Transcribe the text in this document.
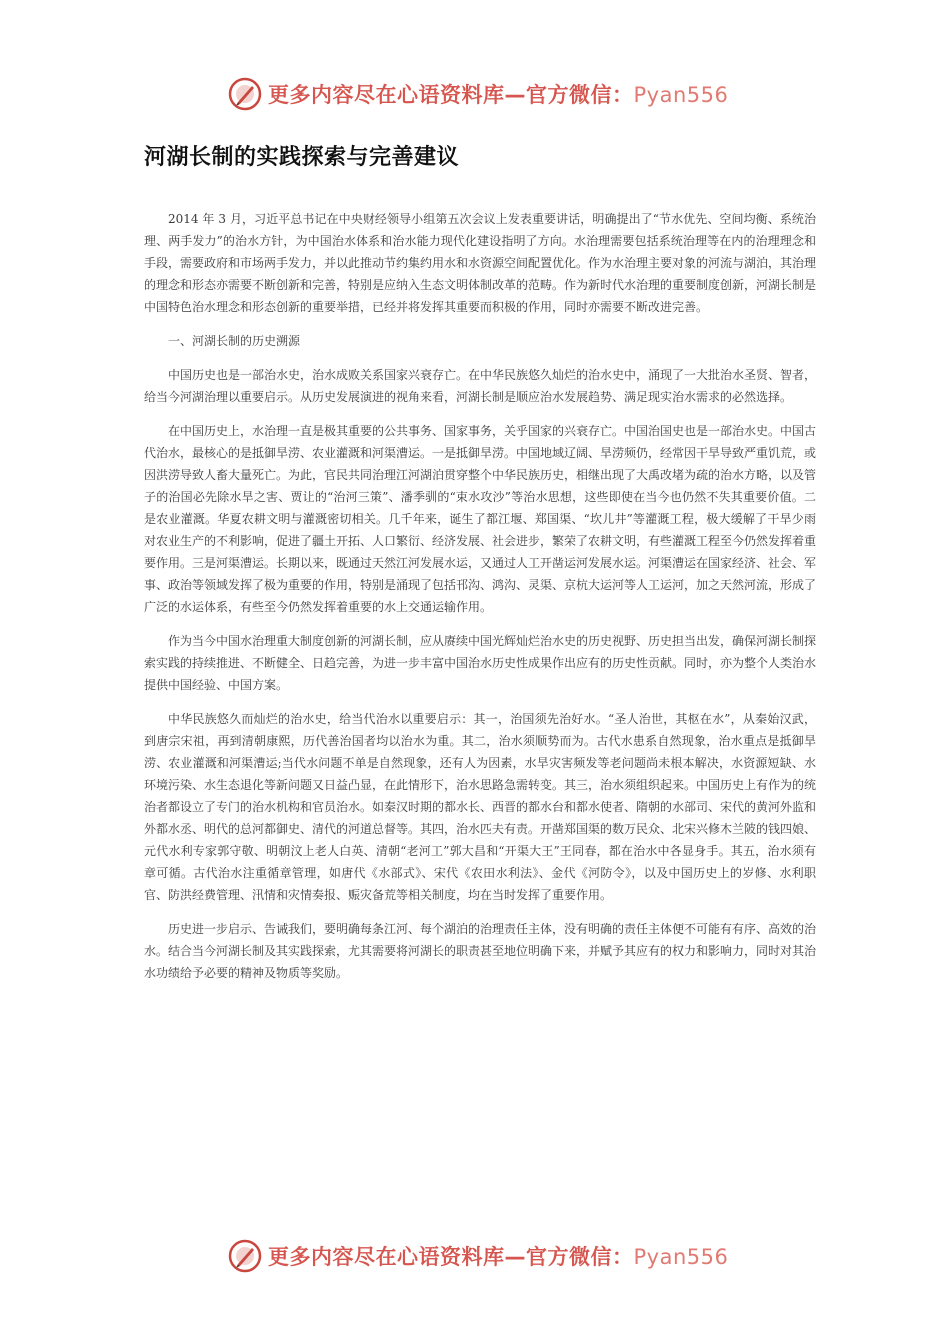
更多内容尽在心语资料库—官方微信：Pyan556
河湖长制的实践探索与完善建议

2014 年 3 月，习近平总书记在中央财经领导小组第五次会议上发表重要讲话，明确提出了“节水优先、空间均衡、系统治理、两手发力”的治水方针，为中国治水体系和治水能力现代化建设指明了方向。水治理需要包括系统治理等在内的治理理念和手段，需要政府和市场两手发力，并以此推动节约集约用水和水资源空间配置优化。作为水治理主要对象的河流与湖泊，其治理的理念和形态亦需要不断创新和完善，特别是应纳入生态文明体制改革的范畴。作为新时代水治理的重要制度创新，河湖长制是中国特色治水理念和形态创新的重要举措，已经并将发挥其重要而积极的作用，同时亦需要不断改进完善。

一、河湖长制的历史溯源

中国历史也是一部治水史，治水成败关系国家兴衰存亡。在中华民族悠久灿烂的治水史中，涌现了一大批治水圣贤、智者，给当今河湖治理以重要启示。从历史发展演进的视角来看，河湖长制是顺应治水发展趋势、满足现实治水需求的必然选择。

在中国历史上，水治理一直是极其重要的公共事务、国家事务，关乎国家的兴衰存亡。中国治国史也是一部治水史。中国古代治水，最核心的是抵御旱涝、农业灌溉和河渠漕运。一是抵御旱涝。中国地域辽阔、旱涝频仍，经常因干旱导致严重饥荒，或因洪涝导致人畜大量死亡。为此，官民共同治理江河湖泊贯穿整个中华民族历史，相继出现了大禹改堵为疏的治水方略，以及管子的治国必先除水旱之害、贾让的“治河三策”、潘季驯的“束水攻沙”等治水思想，这些即使在当今也仍然不失其重要价值。二是农业灌溉。华夏农耕文明与灌溉密切相关。几千年来，诞生了都江堰、郑国渠、“坎儿井”等灌溉工程，极大缓解了干旱少雨对农业生产的不利影响，促进了疆土开拓、人口繁衍、经济发展、社会进步，繁荣了农耕文明，有些灌溉工程至今仍然发挥着重要作用。三是河渠漕运。长期以来，既通过天然江河发展水运，又通过人工开凿运河发展水运。河渠漕运在国家经济、社会、军事、政治等领域发挥了极为重要的作用，特别是涌现了包括邗沟、鸿沟、灵渠、京杭大运河等人工运河，加之天然河流，形成了广泛的水运体系，有些至今仍然发挥着重要的水上交通运输作用。

作为当今中国水治理重大制度创新的河湖长制，应从赓续中国光辉灿烂治水史的历史视野、历史担当出发，确保河湖长制探索实践的持续推进、不断健全、日趋完善，为进一步丰富中国治水历史性成果作出应有的历史性贡献。同时，亦为整个人类治水提供中国经验、中国方案。

中华民族悠久而灿烂的治水史，给当代治水以重要启示：其一，治国须先治好水。“圣人治世，其枢在水”，从秦始汉武，到唐宗宋祖，再到清朝康熙，历代善治国者均以治水为重。其二，治水须顺势而为。古代水患系自然现象，治水重点是抵御旱涝、农业灌溉和河渠漕运;当代水问题不单是自然现象，还有人为因素，水旱灾害频发等老问题尚未根本解决，水资源短缺、水环境污染、水生态退化等新问题又日益凸显，在此情形下，治水思路急需转变。其三，治水须组织起来。中国历史上有作为的统治者都设立了专门的治水机构和官员治水。如秦汉时期的都水长、西晋的都水台和都水使者、隋朝的水部司、宋代的黄河外监和外都水丞、明代的总河都御史、清代的河道总督等。其四，治水匹夫有责。开凿郑国渠的数万民众、北宋兴修木兰陂的钱四娘、元代水利专家郭守敬、明朝汶上老人白英、清朝“老河工”郭大昌和“开渠大王”王同春，都在治水中各显身手。其五，治水须有章可循。古代治水注重循章管理，如唐代《水部式》、宋代《农田水利法》、金代《河防令》，以及中国历史上的岁修、水利职官、防洪经费管理、汛情和灾情奏报、赈灾备荒等相关制度，均在当时发挥了重要作用。

历史进一步启示、告诫我们，要明确每条江河、每个湖泊的治理责任主体，没有明确的责任主体便不可能有有序、高效的治水。结合当今河湖长制及其实践探索，尤其需要将河湖长的职责甚至地位明确下来，并赋予其应有的权力和影响力，同时对其治水功绩给予必要的精神及物质等奖励。

更多内容尽在心语资料库—官方微信：Pyan556
